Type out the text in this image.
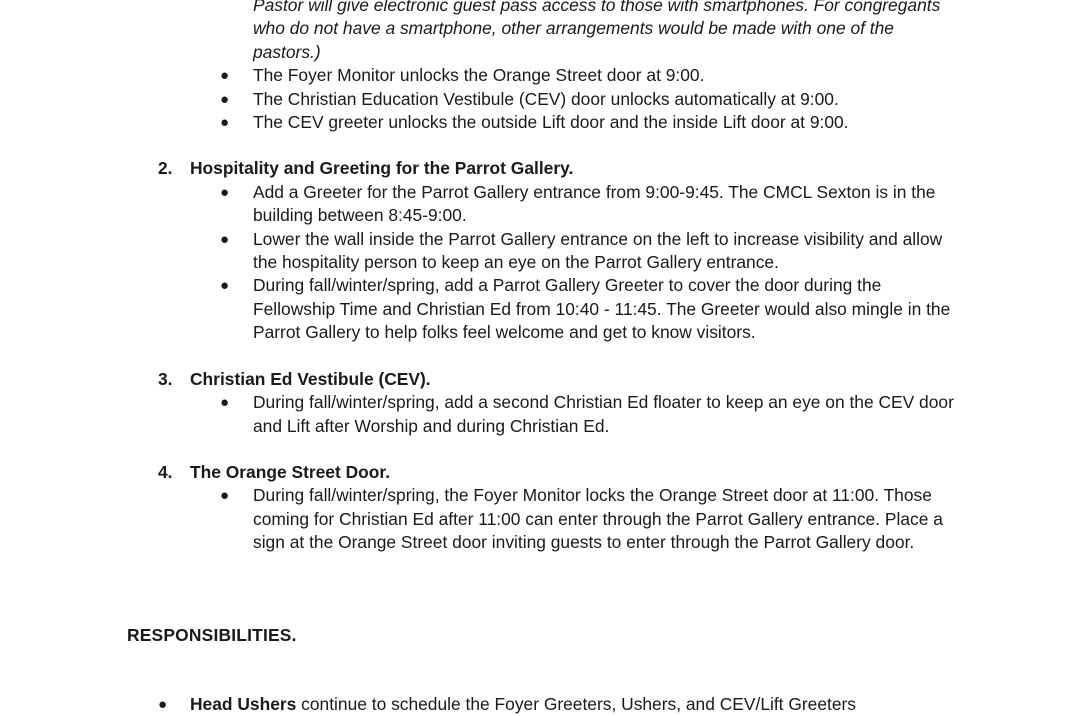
Pastor will give electronic guest pass access to those with smartphones. For congregants who do not have a smartphone, other arrangements would be made with one of the pastors.)

● The Foyer Monitor unlocks the Orange Street door at 9:00.
● The Christian Education Vestibule (CEV) door unlocks automatically at 9:00.
● The CEV greeter unlocks the outside Lift door and the inside Lift door at 9:00.
2. Hospitality and Greeting for the Parrot Gallery.
● Add a Greeter for the Parrot Gallery entrance from 9:00-9:45. The CMCL Sexton is in the building between 8:45-9:00.
● Lower the wall inside the Parrot Gallery entrance on the left to increase visibility and allow the hospitality person to keep an eye on the Parrot Gallery entrance.
● During fall/winter/spring, add a Parrot Gallery Greeter to cover the door during the Fellowship Time and Christian Ed from 10:40 - 11:45. The Greeter would also mingle in the Parrot Gallery to help folks feel welcome and get to know visitors.
3. Christian Ed Vestibule (CEV).
● During fall/winter/spring, add a second Christian Ed floater to keep an eye on the CEV door and Lift after Worship and during Christian Ed.
4. The Orange Street Door.
● During fall/winter/spring, the Foyer Monitor locks the Orange Street door at 11:00. Those coming for Christian Ed after 11:00 can enter through the Parrot Gallery entrance. Place a sign at the Orange Street door inviting guests to enter through the Parrot Gallery door.
RESPONSIBILITIES.
● Head Ushers continue to schedule the Foyer Greeters, Ushers, and CEV/Lift Greeters
